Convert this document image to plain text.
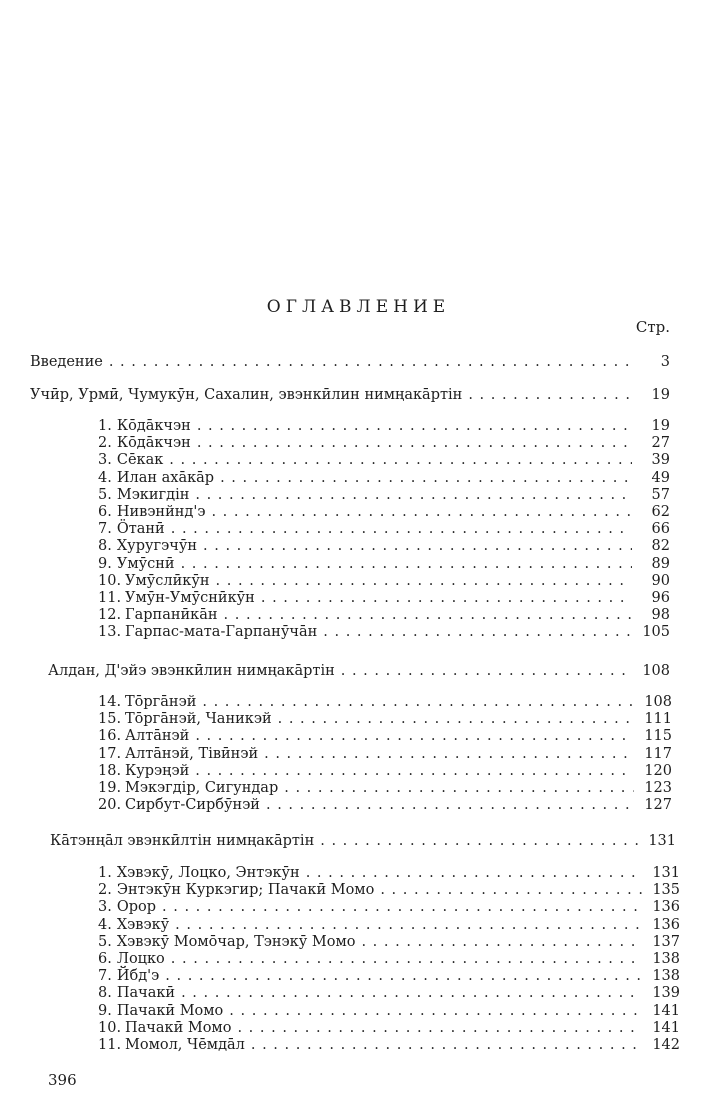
ОГЛАВЛЕНИЕ
Стр.
Введение . . .	3
Учӣр, Урмӣ, Чумукӯн, Сахалин, эвэнкӣлин нимңакāртін . . .	19
1. Кōдāкчэн . . .	19
2. Кōдāкчэн . . .	27
3. Сēкак . . .	39
4. Илан ахāкāр . . .	49
5. Мэкигдін . . .	57
6. Нивэнйнд'э . . .	62
7. Ӧтанӣ . . .	66
8. Хуругэчӯн . . .	82
9. Умӯснӣ . . .	89
10. Умӯслӣкӯн . . .	90
11. Умӯн-Умӯснӣкӯн . . .	96
12. Гарпанӣкāн . . .	98
13. Гарпас-мата-Гарпанӯчāн . . .	105
Алдан, Д'эйэ эвэнкӣлин нимңакāртін . . .	108
14. Тōргāнэй . . .	108
15. Тōргāнэй, Чаникэй . . .	111
16. Алтāнэй . . .	115
17. Алтāнэй, Тівӣнэй . . .	117
18. Курэңэй . . .	120
19. Мэкэгдір, Сигундар . . .	123
20. Сирбут-Сирбӯнэй . . .	127
Кāтэнңāл эвэнкӣлтін нимңакāртін . . .	131
1. Хэвэкӯ, Лоцко, Энтэкӯн . . .	131
2. Энтэкӯн Куркэгир; Пачакӣ Момо . . .	135
3. Орор . . .	136
4. Хэвэкӯ . . .	136
5. Хэвэкӯ Момōчар, Тэнэкӯ Момо . . .	137
6. Лоцко . . .	138
7. Йбд'э . . .	138
8. Пачакӣ . . .	139
9. Пачакӣ Момо . . .	141
10. Пачакӣ Момо . . .	141
11. Момол, Чēмдāл . . .	142
396
